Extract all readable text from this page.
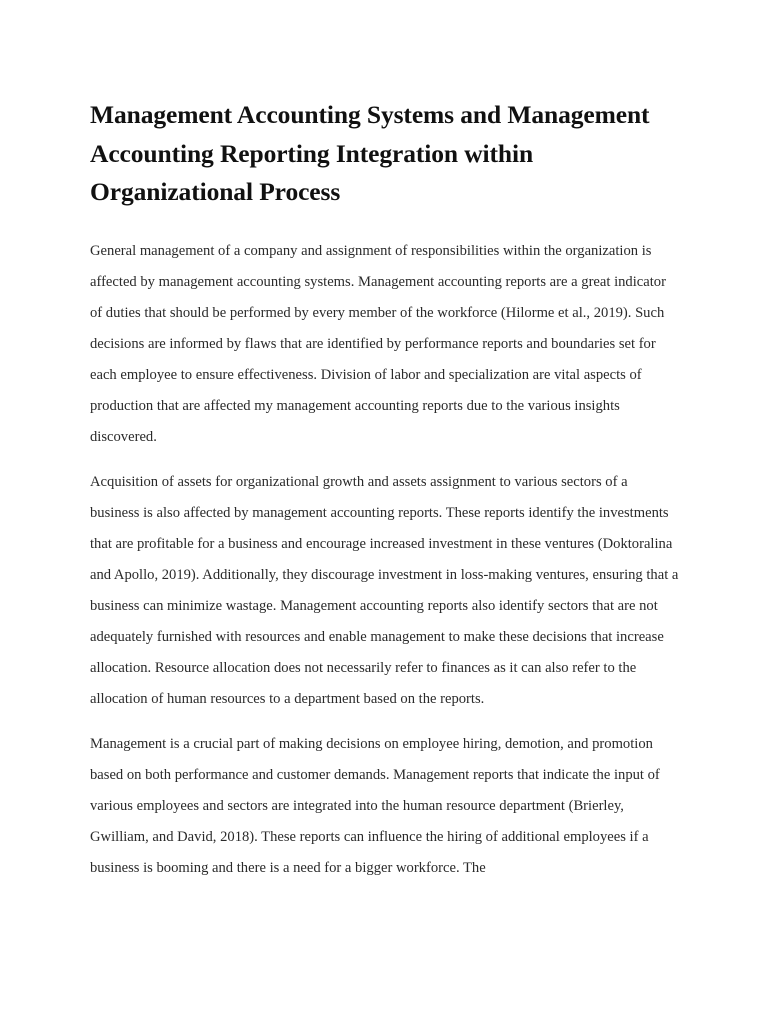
Management Accounting Systems and Management Accounting Reporting Integration within Organizational Process

General management of a company and assignment of responsibilities within the organization is affected by management accounting systems. Management accounting reports are a great indicator of duties that should be performed by every member of the workforce (Hilorme et al., 2019). Such decisions are informed by flaws that are identified by performance reports and boundaries set for each employee to ensure effectiveness. Division of labor and specialization are vital aspects of production that are affected my management accounting reports due to the various insights discovered.

Acquisition of assets for organizational growth and assets assignment to various sectors of a business is also affected by management accounting reports. These reports identify the investments that are profitable for a business and encourage increased investment in these ventures (Doktoralina and Apollo, 2019). Additionally, they discourage investment in loss-making ventures, ensuring that a business can minimize wastage. Management accounting reports also identify sectors that are not adequately furnished with resources and enable management to make these decisions that increase allocation. Resource allocation does not necessarily refer to finances as it can also refer to the allocation of human resources to a department based on the reports.

Management is a crucial part of making decisions on employee hiring, demotion, and promotion based on both performance and customer demands. Management reports that indicate the input of various employees and sectors are integrated into the human resource department (Brierley, Gwilliam, and David, 2018). These reports can influence the hiring of additional employees if a business is booming and there is a need for a bigger workforce. The
